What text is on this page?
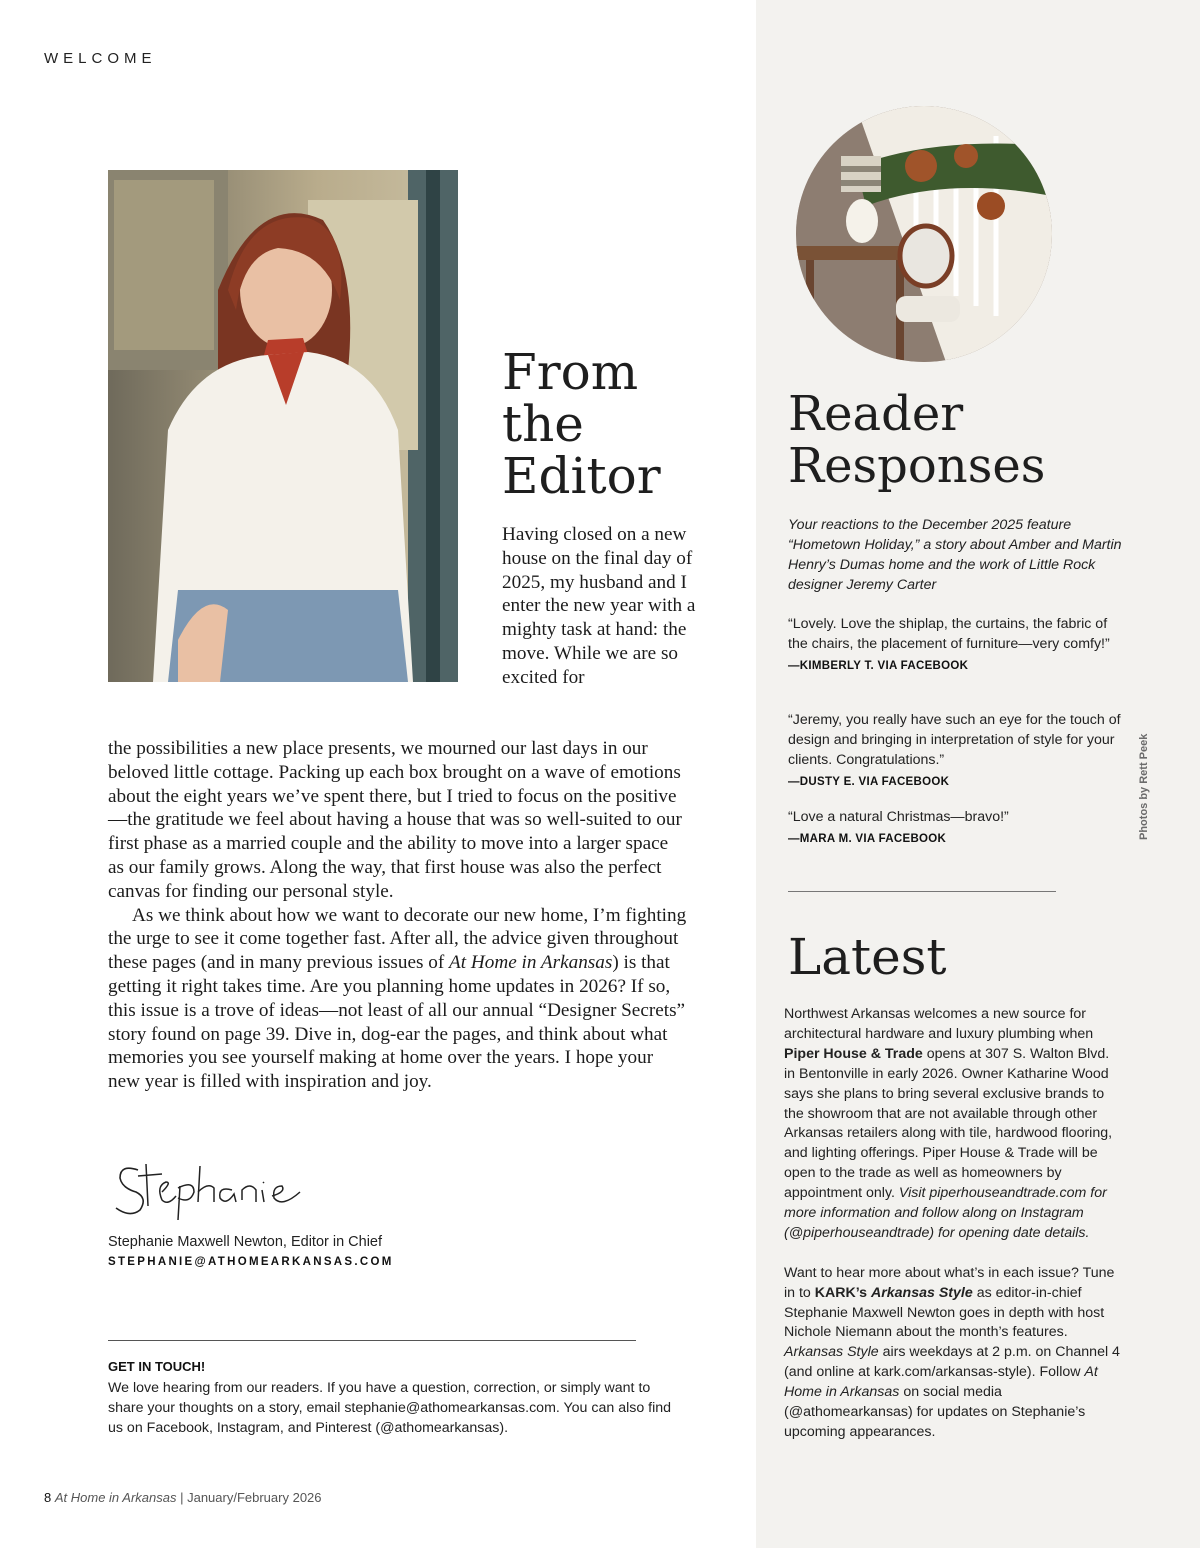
WELCOME
From
the
Editor

Having closed on a new house on the final day of 2025, my husband and I enter the new year with a mighty task at hand: the move. While we are so excited for

the possibilities a new place presents, we mourned our last days in our beloved little cottage. Packing up each box brought on a wave of emotions about the eight years we’ve spent there, but I tried to focus on the positive—the gratitude we feel about having a house that was so well-suited to our first phase as a married couple and the ability to move into a larger space as our family grows. Along the way, that first house was also the perfect canvas for finding our personal style.

As we think about how we want to decorate our new home, I’m fighting the urge to see it come together fast. After all, the advice given throughout these pages (and in many previous issues of At Home in Arkansas) is that getting it right takes time. Are you planning home updates in 2026? If so, this issue is a trove of ideas—not least of all our annual “Designer Secrets” story found on page 39. Dive in, dog-ear the pages, and think about what memories you see yourself making at home over the years. I hope your new year is filled with inspiration and joy.

Stephanie Maxwell Newton, Editor in Chief
STEPHANIE@ATHOMEARKANSAS.COM
GET IN TOUCH!
We love hearing from our readers. If you have a question, correction, or simply want to share your thoughts on a story, email stephanie@athomearkansas.com. You can also find us on Facebook, Instagram, and Pinterest (@athomearkansas).
8 At Home in Arkansas | January/February 2026
Reader
Responses
Your reactions to the December 2025 feature “Hometown Holiday,” a story about Amber and Martin Henry’s Dumas home and the work of Little Rock designer Jeremy Carter
“Lovely. Love the shiplap, the curtains, the fabric of the chairs, the placement of furniture—very comfy!”
—KIMBERLY T. VIA FACEBOOK
“Jeremy, you really have such an eye for the touch of design and bringing in interpretation of style for your clients. Congratulations.”
—DUSTY E. VIA FACEBOOK
“Love a natural Christmas—bravo!”
—MARA M. VIA FACEBOOK	Photos by Rett Peek
Latest

Northwest Arkansas welcomes a new source for architectural hardware and luxury plumbing when Piper House & Trade opens at 307 S. Walton Blvd. in Bentonville in early 2026. Owner Katharine Wood says she plans to bring several exclusive brands to the showroom that are not available through other Arkansas retailers along with tile, hardwood flooring, and lighting offerings. Piper House & Trade will be open to the trade as well as homeowners by appointment only. Visit piperhouseandtrade.com for more information and follow along on Instagram (@piperhouseandtrade) for opening date details.

Want to hear more about what’s in each issue? Tune in to KARK’s Arkansas Style as editor-in-chief Stephanie Maxwell Newton goes in depth with host Nichole Niemann about the month’s features. Arkansas Style airs weekdays at 2 p.m. on Channel 4 (and online at kark.com/arkansas-style). Follow At Home in Arkansas on social media (@athomearkansas) for updates on Stephanie’s upcoming appearances.
